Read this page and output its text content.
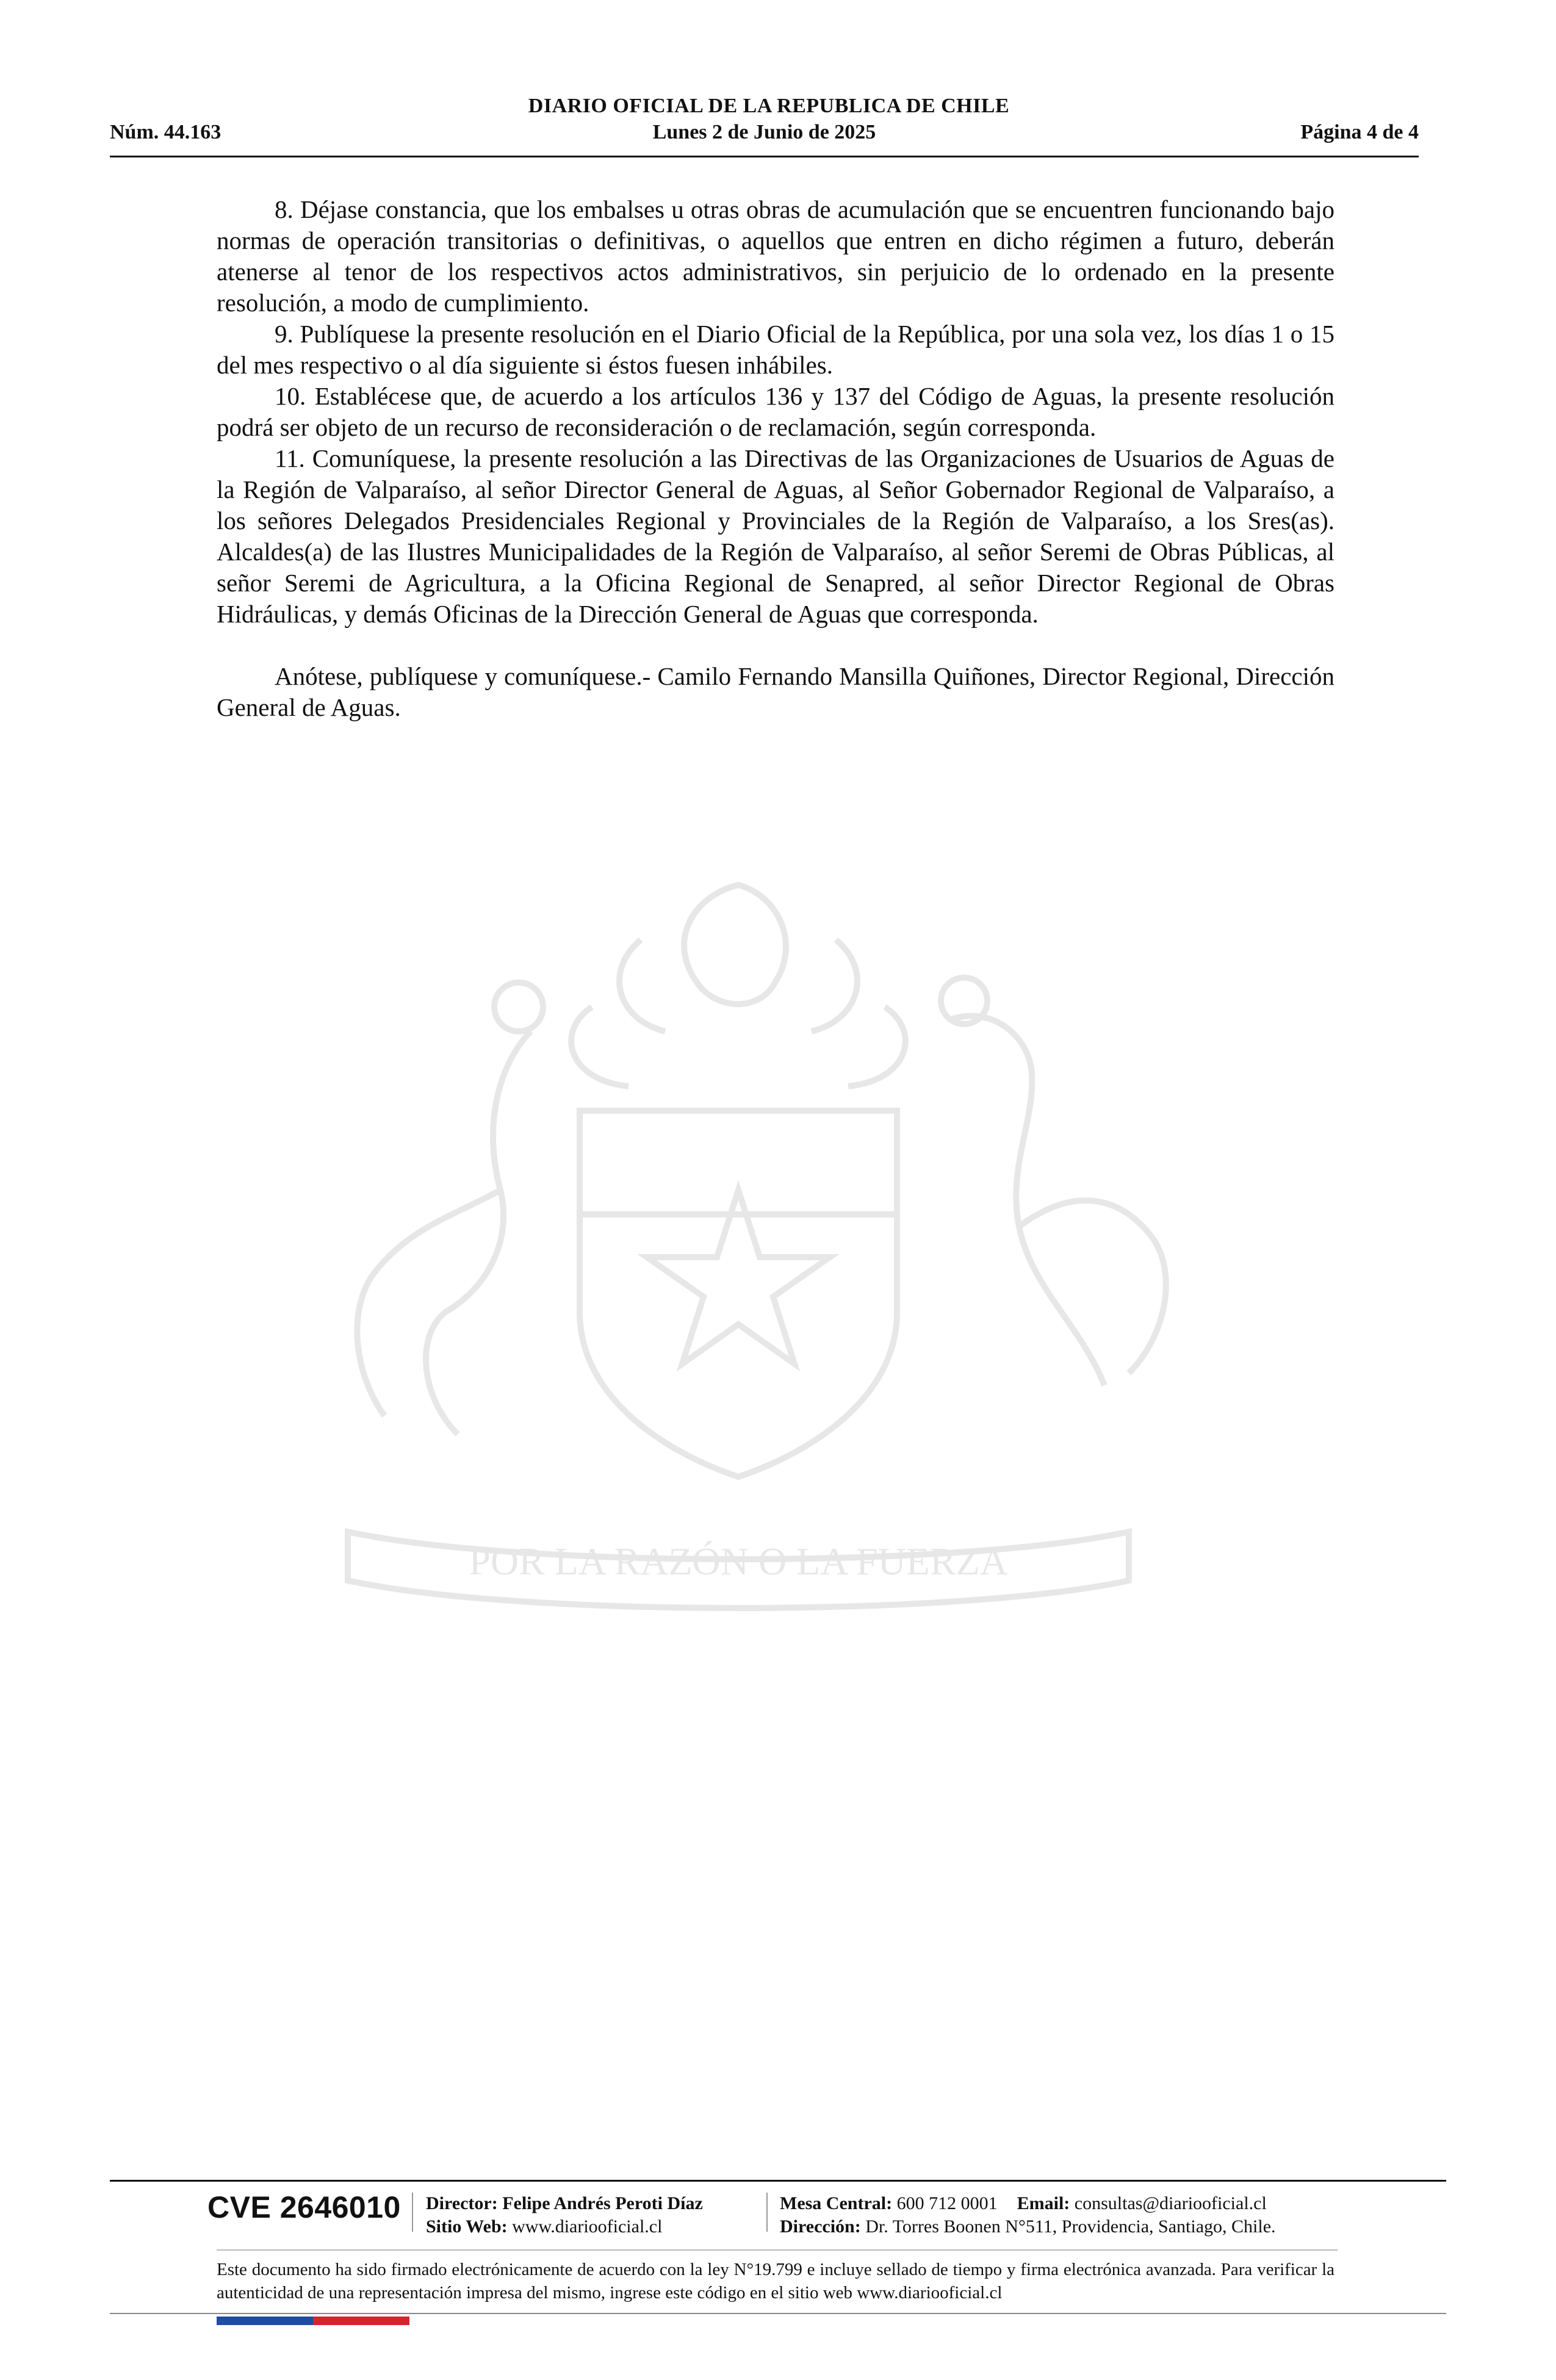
DIARIO OFICIAL DE LA REPUBLICA DE CHILE
Núm. 44.163	Lunes 2 de Junio de 2025	Página 4 de 4
POR LA RAZÓN O LA FUERZA

8. Déjase constancia, que los embalses u otras obras de acumulación que se encuentren funcionando bajo normas de operación transitorias o definitivas, o aquellos que entren en dicho régimen a futuro, deberán atenerse al tenor de los respectivos actos administrativos, sin perjuicio de lo ordenado en la presente resolución, a modo de cumplimiento.

9. Publíquese la presente resolución en el Diario Oficial de la República, por una sola vez, los días 1 o 15 del mes respectivo o al día siguiente si éstos fuesen inhábiles.

10. Establécese que, de acuerdo a los artículos 136 y 137 del Código de Aguas, la presente resolución podrá ser objeto de un recurso de reconsideración o de reclamación, según corresponda.

11. Comuníquese, la presente resolución a las Directivas de las Organizaciones de Usuarios de Aguas de la Región de Valparaíso, al señor Director General de Aguas, al Señor Gobernador Regional de Valparaíso, a los señores Delegados Presidenciales Regional y Provinciales de la Región de Valparaíso, a los Sres(as). Alcaldes(a) de las Ilustres Municipalidades de la Región de Valparaíso, al señor Seremi de Obras Públicas, al señor Seremi de Agricultura, a la Oficina Regional de Senapred, al señor Director Regional de Obras Hidráulicas, y demás Oficinas de la Dirección General de Aguas que corresponda.

Anótese, publíquese y comuníquese.- Camilo Fernando Mansilla Quiñones, Director Regional, Dirección General de Aguas.

CVE 2646010 Director: Felipe Andrés Peroti Díaz
Sitio Web: www.diariooficial.cl
Mesa Central: 600 712 0001 Email: consultas@diariooficial.cl
Dirección: Dr. Torres Boonen N°511, Providencia, Santiago, Chile.
Este documento ha sido firmado electrónicamente de acuerdo con la ley N°19.799 e incluye sellado de tiempo y firma electrónica avanzada. Para verificar la autenticidad de una representación impresa del mismo, ingrese este código en el sitio web www.diariooficial.cl
